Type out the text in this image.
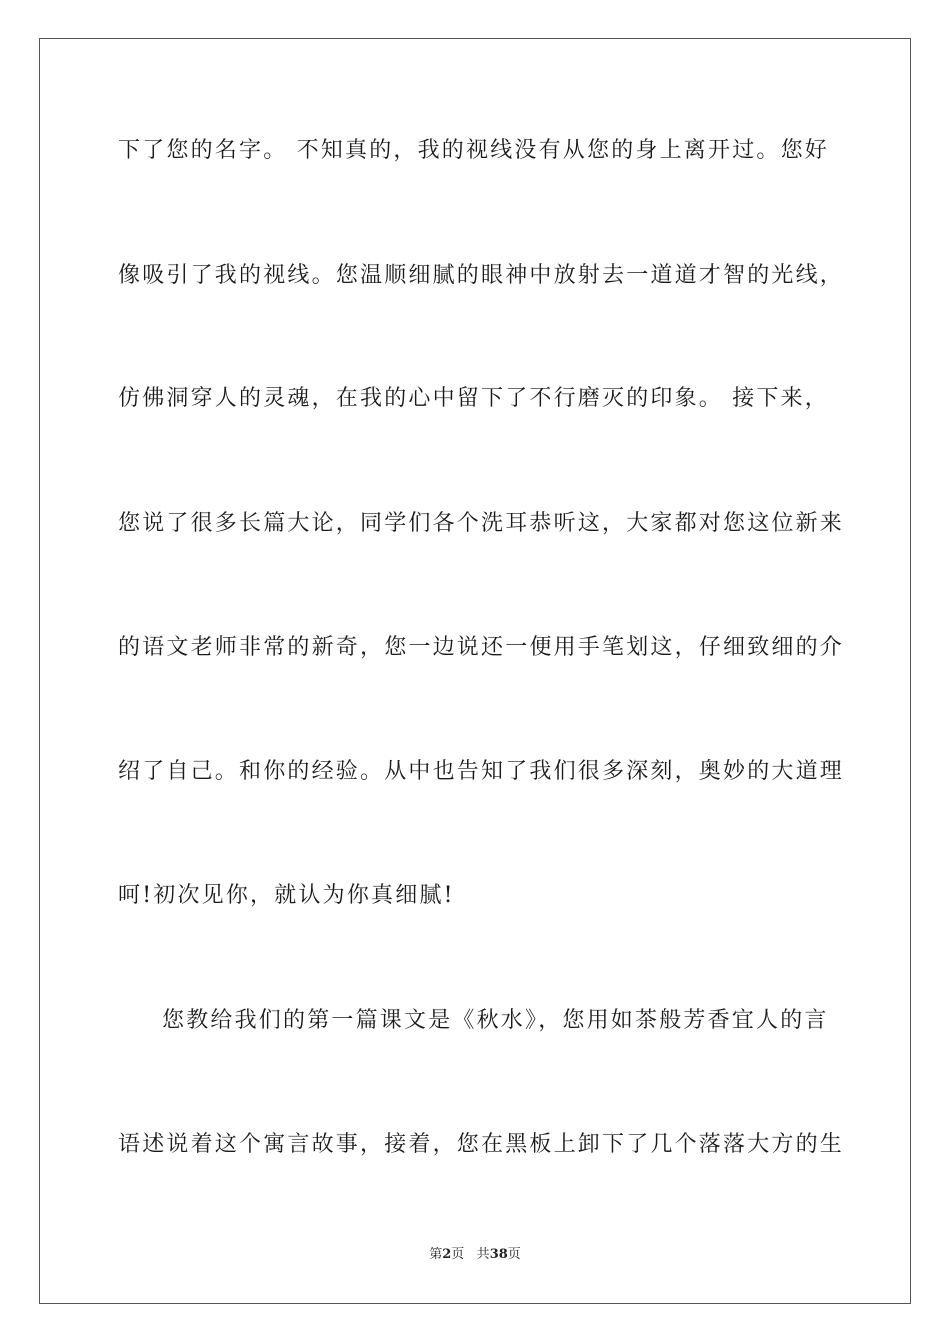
下了您的名字。 不知真的，我的视线没有从您的身上离开过。您好
像吸引了我的视线。您温顺细腻的眼神中放射去一道道才智的光线，
仿佛洞穿人的灵魂，在我的心中留下了不行磨灭的印象。 接下来，
您说了很多长篇大论，同学们各个洗耳恭听这，大家都对您这位新来
的语文老师非常的新奇，您一边说还一便用手笔划这，仔细致细的介
绍了自己。和你的经验。从中也告知了我们很多深刻，奥妙的大道理
呵!初次见你，就认为你真细腻!
您教给我们的第一篇课文是《秋水》，您用如茶般芳香宜人的言
语述说着这个寓言故事，接着，您在黑板上卸下了几个落落大方的生
第2页 共38页
